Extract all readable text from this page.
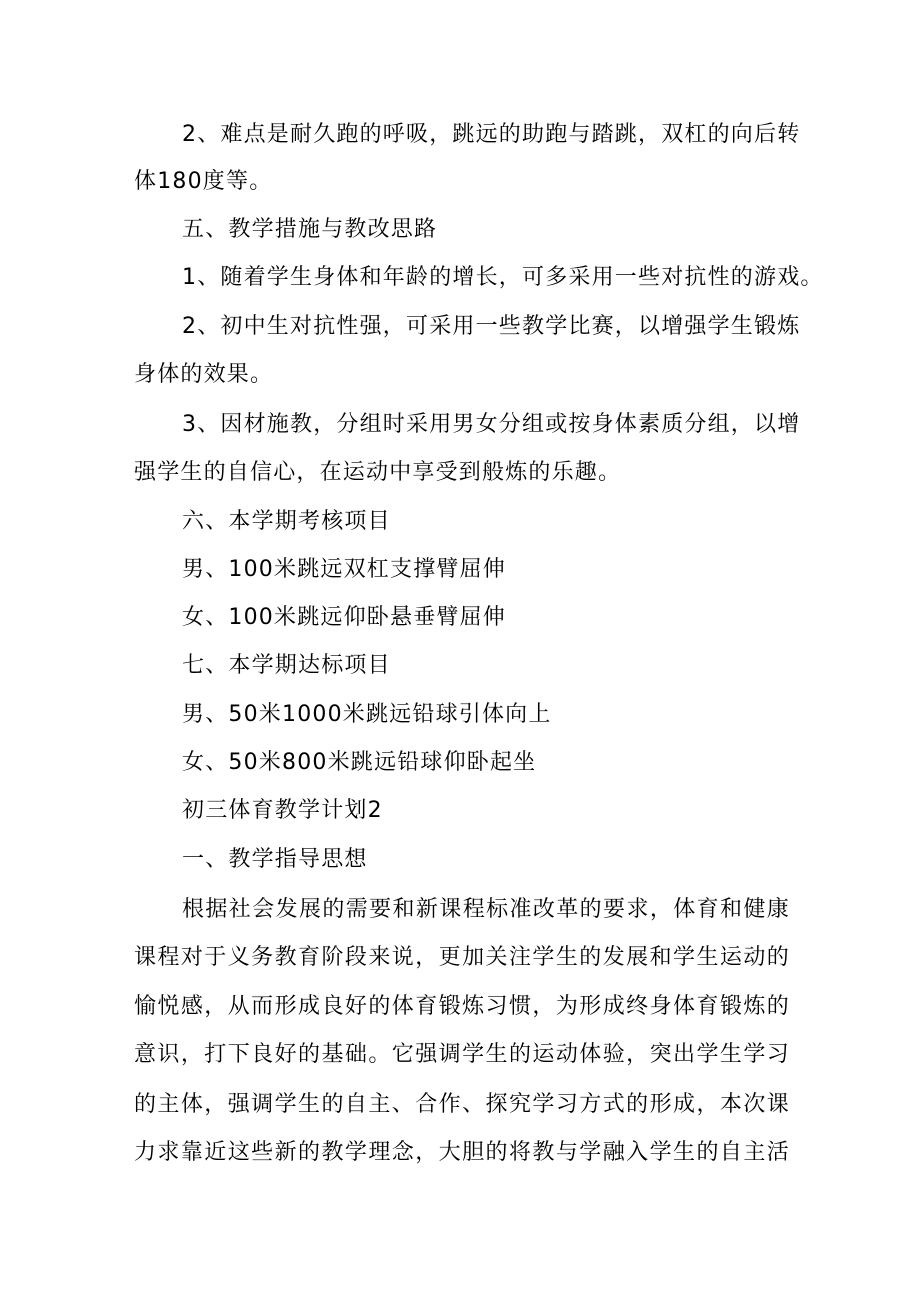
2、难点是耐久跑的呼吸，跳远的助跑与踏跳，双杠的向后转
体180度等。
五、教学措施与教改思路
1、随着学生身体和年龄的增长，可多采用一些对抗性的游戏。
2、初中生对抗性强，可采用一些教学比赛，以增强学生锻炼
身体的效果。
3、因材施教，分组时采用男女分组或按身体素质分组，以增
强学生的自信心，在运动中享受到般炼的乐趣。
六、本学期考核项目
男、100米跳远双杠支撑臂屈伸
女、100米跳远仰卧悬垂臂屈伸
七、本学期达标项目
男、50米1000米跳远铅球引体向上
女、50米800米跳远铅球仰卧起坐
初三体育教学计划2
一、教学指导思想
根据社会发展的需要和新课程标准改革的要求，体育和健康
课程对于义务教育阶段来说，更加关注学生的发展和学生运动的
愉悦感，从而形成良好的体育锻炼习惯，为形成终身体育锻炼的
意识，打下良好的基础。它强调学生的运动体验，突出学生学习
的主体，强调学生的自主、合作、探究学习方式的形成，本次课
力求靠近这些新的教学理念，大胆的将教与学融入学生的自主活
